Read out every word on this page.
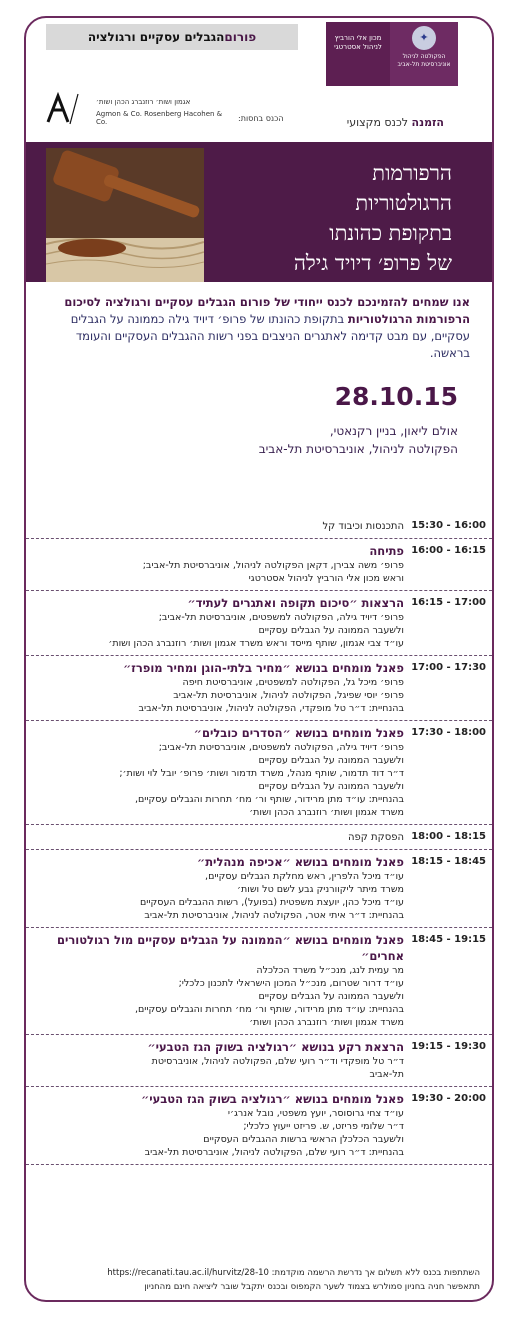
פורום
הגבלים עסקיים ורגולציה	מכון אלי הורביץ
לניהול אסטרטגי
✦
הפקולטה לניהול
אוניברסיטת תל-אביב
אגמון ושות׳ רוזנברג הכהן ושות׳
Agmon & Co. Rosenberg Hacohen & Co.	הכנס בחסות:	הזמנה לכנס מקצועי
הרפורמות
הרגולטוריות
בתקופת כהונתו
של פרופ׳ דיויד גילה
אנו שמחים להזמינכם לכנס ייחודי של פורום הגבלים עסקיים ורגולציה לסיכום הרפורמות הרגולטוריות בתקופת כהונתו של פרופ׳ דיויד גילה כממונה על הגבלים עסקיים, עם מבט קדימה לאתגרים הניצבים בפני רשות ההגבלים העסקיים והעומד בראשה.
28.10.15
אולם ליאון, בניין רקנאטי,
הפקולטה לניהול, אוניברסיטת תל-אביב
15:30 - 16:00
התכנסות וכיבוד קל
16:00 - 16:15
פתיחה
פרופ׳ משה צבירן, דקאן הפקולטה לניהול, אוניברסיטת תל-אביב;
וראש מכון אלי הורביץ לניהול אסטרטגי
16:15 - 17:00
הרצאות ״סיכום תקופה ואתגרים לעתיד״
פרופ׳ דיויד גילה, הפקולטה למשפטים, אוניברסיטת תל-אביב;
ולשעבר הממונה על הגבלים עסקיים
עו״ד צבי אגמון, שותף מייסד וראש משרד אגמון ושות׳ רוזנברג הכהן ושות׳
17:00 - 17:30
פאנל מומחים בנושא ״מחיר בלתי-הוגן ומחיר מופרז״
פרופ׳ מיכל גל, הפקולטה למשפטים, אוניברסיטת חיפה
פרופ׳ יוסי שפיגל, הפקולטה לניהול, אוניברסיטת תל-אביב
בהנחיית: ד״ר טל מופקדי, הפקולטה לניהול, אוניברסיטת תל-אביב
17:30 - 18:00
פאנל מומחים בנושא ״הסדרים כובלים״
פרופ׳ דיויד גילה, הפקולטה למשפטים, אוניברסיטת תל-אביב;
ולשעבר הממונה על הגבלים עסקיים
ד״ר דוד תדמור, שותף מנהל, משרד תדמור ושות׳ פרופ׳ יובל לוי ושות׳;
ולשעבר הממונה על הגבלים עסקיים
בהנחיית: עו״ד מתן מרידור, שותף ור׳ מח׳ תחרות והגבלים עסקיים,
משרד אגמון ושות׳ רוזנברג הכהן ושות׳
18:00 - 18:15
הפסקת קפה
18:15 - 18:45
פאנל מומחים בנושא ״אכיפה מנהלית״
עו״ד מיכל הלפרין, ראש מחלקת הגבלים עסקיים,
משרד מיתר ליקוורניק גבע לשם טל ושות׳
עו״ד מיכל כהן, יועצת משפטית (בפועל), רשות ההגבלים העסקיים
בהנחיית: ד״ר איתי אטר, הפקולטה לניהול, אוניברסיטת תל-אביב
18:45 - 19:15
פאנל מומחים בנושא ״הממונה על הגבלים עסקיים מול רגולטורים אחרים״
מר עמית לנג, מנכ״ל משרד הכלכלה
עו״ד דרור שטרום, מנכ״ל המכון הישראלי לתכנון כלכלי;
ולשעבר הממונה על הגבלים עסקיים
בהנחיית: עו״ד מתן מרידור, שותף ור׳ מח׳ תחרות והגבלים עסקיים,
משרד אגמון ושות׳ רוזנברג הכהן ושות׳
19:15 - 19:30
הרצאת רקע בנושא ״רגולציה בשוק הגז הטבעי״
ד״ר טל מופקדי וד״ר רועי שלם, הפקולטה לניהול, אוניברסיטת
תל-אביב
19:30 - 20:00
פאנל מומחים בנושא ״רגולציה בשוק הגז הטבעי״
עו״ד צחי גרוסוסר, יועץ משפטי, נובל אנרג׳י
ד״ר שלומי פריזט, ש. פריזט ייעוץ כלכלי;
ולשעבר הכלכלן הראשי ברשות ההגבלים העסקיים
בהנחיית: ד״ר רועי שלם, הפקולטה לניהול, אוניברסיטת תל-אביב
השתתפות בכנס ללא תשלום אך נדרשת הרשמה מוקדמת: https://recanati.tau.ac.il/hurvitz/28-10
תתאפשר חניה בחניון סמולרש בצמוד לשער הקמפוס ובכנס יתקבל שובר ליציאה חינם מהחניון
